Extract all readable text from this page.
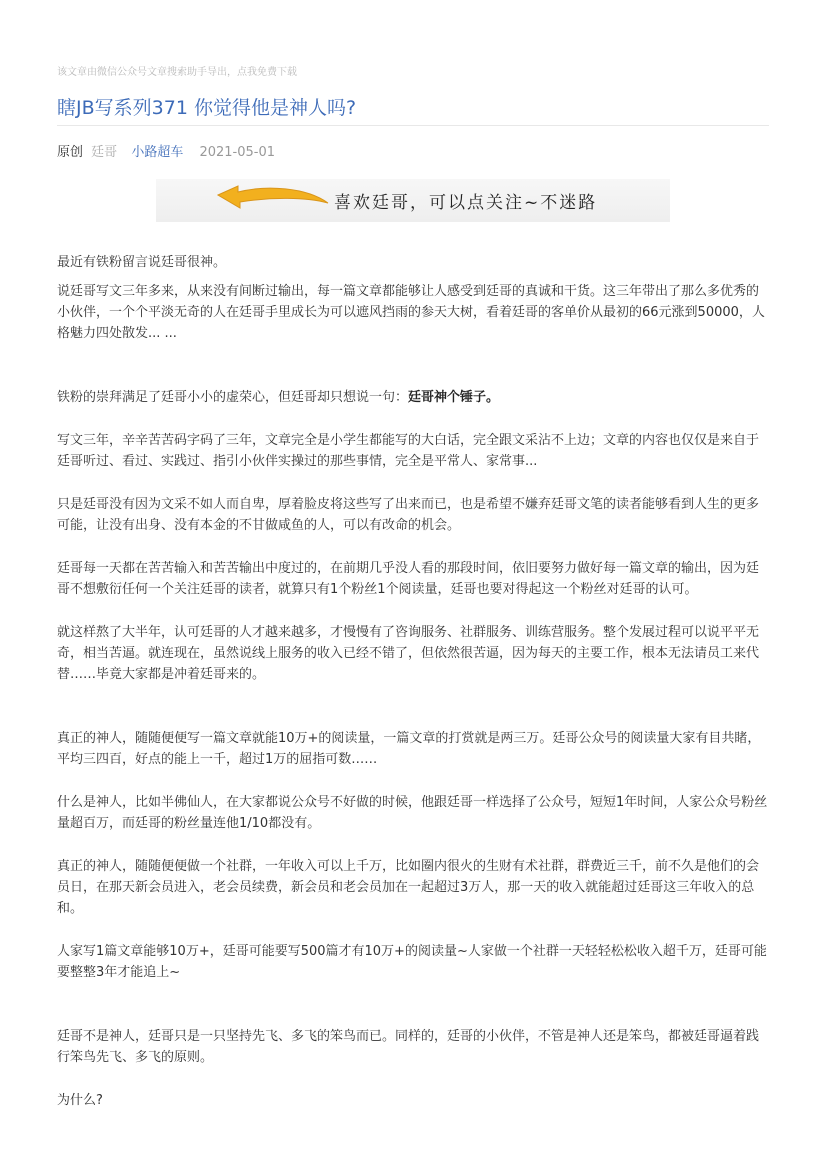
该文章由微信公众号文章搜索助手导出，点我免费下载
瞎JB写系列371 你觉得他是神人吗?
原创 廷哥 小路超车 2021-05-01
喜欢廷哥，可以点关注~不迷路

最近有铁粉留言说廷哥很神。

说廷哥写文三年多来，从来没有间断过输出，每一篇文章都能够让人感受到廷哥的真诚和干货。这三年带出了那么多优秀的小伙伴，一个个平淡无奇的人在廷哥手里成长为可以遮风挡雨的参天大树，看着廷哥的客单价从最初的66元涨到50000，人格魅力四处散发... ...

铁粉的崇拜满足了廷哥小小的虚荣心，但廷哥却只想说一句：廷哥神个锤子。

写文三年，辛辛苦苦码字码了三年，文章完全是小学生都能写的大白话，完全跟文采沾不上边；文章的内容也仅仅是来自于廷哥听过、看过、实践过、指引小伙伴实操过的那些事情，完全是平常人、家常事...

只是廷哥没有因为文采不如人而自卑，厚着脸皮将这些写了出来而已，也是希望不嫌弃廷哥文笔的读者能够看到人生的更多可能，让没有出身、没有本金的不甘做咸鱼的人，可以有改命的机会。

廷哥每一天都在苦苦输入和苦苦输出中度过的，在前期几乎没人看的那段时间，依旧要努力做好每一篇文章的输出，因为廷哥不想敷衍任何一个关注廷哥的读者，就算只有1个粉丝1个阅读量，廷哥也要对得起这一个粉丝对廷哥的认可。

就这样熬了大半年，认可廷哥的人才越来越多，才慢慢有了咨询服务、社群服务、训练营服务。整个发展过程可以说平平无奇，相当苦逼。就连现在，虽然说线上服务的收入已经不错了，但依然很苦逼，因为每天的主要工作，根本无法请员工来代替……毕竟大家都是冲着廷哥来的。

真正的神人，随随便便写一篇文章就能10万+的阅读量，一篇文章的打赏就是两三万。廷哥公众号的阅读量大家有目共睹，平均三四百，好点的能上一千，超过1万的屈指可数……

什么是神人，比如半佛仙人，在大家都说公众号不好做的时候，他跟廷哥一样选择了公众号，短短1年时间，人家公众号粉丝量超百万，而廷哥的粉丝量连他1/10都没有。

真正的神人，随随便便做一个社群，一年收入可以上千万，比如圈内很火的生财有术社群，群费近三千，前不久是他们的会员日，在那天新会员进入，老会员续费，新会员和老会员加在一起超过3万人，那一天的收入就能超过廷哥这三年收入的总和。

人家写1篇文章能够10万+，廷哥可能要写500篇才有10万+的阅读量~人家做一个社群一天轻轻松松收入超千万，廷哥可能要整整3年才能追上~

廷哥不是神人，廷哥只是一只坚持先飞、多飞的笨鸟而已。同样的，廷哥的小伙伴，不管是神人还是笨鸟，都被廷哥逼着践行笨鸟先飞、多飞的原则。

为什么?
